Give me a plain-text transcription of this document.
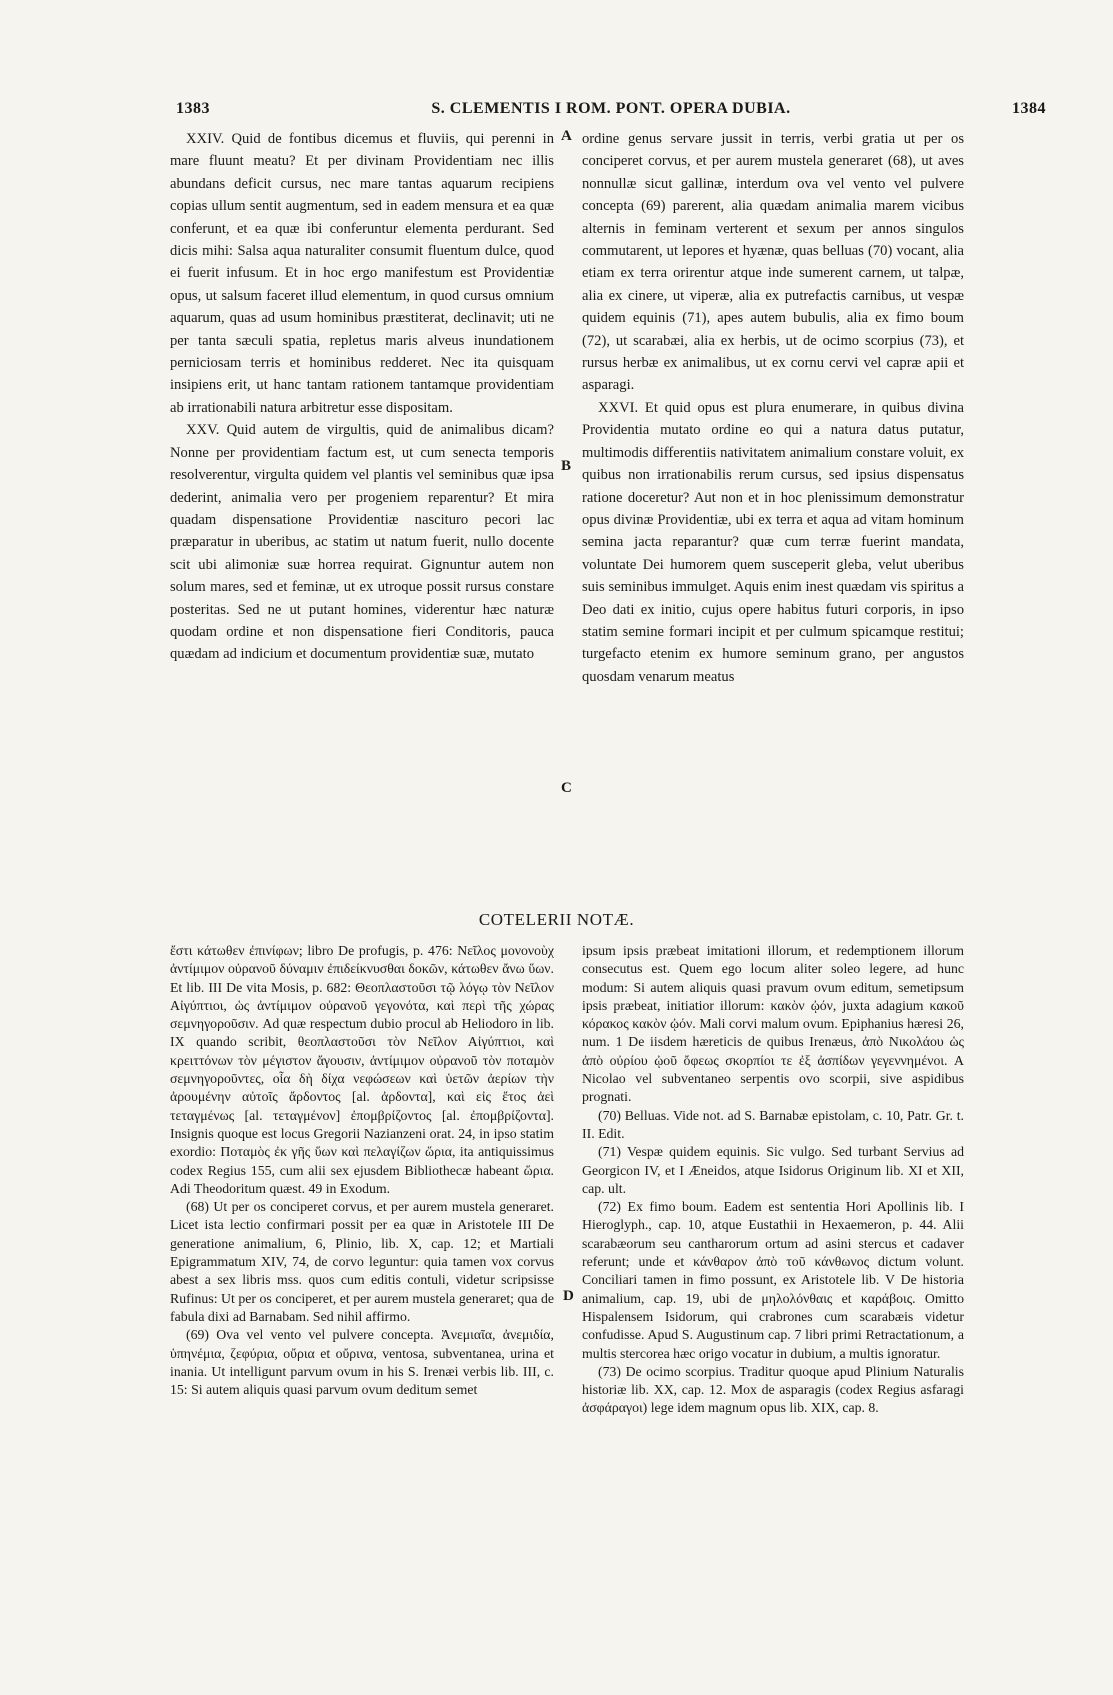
1383	S. CLEMENTIS I ROM. PONT. OPERA DUBIA.	1384

XXIV. Quid de fontibus dicemus et fluviis, qui perenni in mare fluunt meatu? Et per divinam Providentiam nec illis abundans deficit cursus, nec mare tantas aquarum recipiens copias ullum sentit augmentum, sed in eadem mensura et ea quæ conferunt, et ea quæ ibi conferuntur elementa perdurant. Sed dicis mihi: Salsa aqua naturaliter consumit fluentum dulce, quod ei fuerit infusum. Et in hoc ergo manifestum est Providentiæ opus, ut salsum faceret illud elementum, in quod cursus omnium aquarum, quas ad usum hominibus præstiterat, declinavit; uti ne per tanta sæculi spatia, repletus maris alveus inundationem perniciosam terris et hominibus redderet. Nec ita quisquam insipiens erit, ut hanc tantam rationem tantamque providentiam ab irrationabili natura arbitretur esse dispositam.

XXV. Quid autem de virgultis, quid de animalibus dicam? Nonne per providentiam factum est, ut cum senecta temporis resolverentur, virgulta quidem vel plantis vel seminibus quæ ipsa dederint, animalia vero per progeniem reparentur? Et mira quadam dispensatione Providentiæ nascituro pecori lac præparatur in uberibus, ac statim ut natum fuerit, nullo docente scit ubi alimoniæ suæ horrea requirat. Gignuntur autem non solum mares, sed et feminæ, ut ex utroque possit rursus constare posteritas. Sed ne ut putant homines, viderentur hæc naturæ quodam ordine et non dispensatione fieri Conditoris, pauca quædam ad indicium et documentum providentiæ suæ, mutato

ordine genus servare jussit in terris, verbi gratia ut per os conciperet corvus, et per aurem mustela generaret (68), ut aves nonnullæ sicut gallinæ, interdum ova vel vento vel pulvere concepta (69) parerent, alia quædam animalia marem vicibus alternis in feminam verterent et sexum per annos singulos commutarent, ut lepores et hyænæ, quas belluas (70) vocant, alia etiam ex terra orirentur atque inde sumerent carnem, ut talpæ, alia ex cinere, ut viperæ, alia ex putrefactis carnibus, ut vespæ quidem equinis (71), apes autem bubulis, alia ex fimo boum (72), ut scarabæi, alia ex herbis, ut de ocimo scorpius (73), et rursus herbæ ex animalibus, ut ex cornu cervi vel capræ apii et asparagi.

XXVI. Et quid opus est plura enumerare, in quibus divina Providentia mutato ordine eo qui a natura datus putatur, multimodis differentiis nativitatem animalium constare voluit, ex quibus non irrationabilis rerum cursus, sed ipsius dispensatus ratione doceretur? Aut non et in hoc plenissimum demonstratur opus divinæ Providentiæ, ubi ex terra et aqua ad vitam hominum semina jacta reparantur? quæ cum terræ fuerint mandata, voluntate Dei humorem quem susceperit gleba, velut uberibus suis seminibus immulget. Aquis enim inest quædam vis spiritus a Deo dati ex initio, cujus opere habitus futuri corporis, in ipso statim semine formari incipit et per culmum spicamque restitui; turgefacto etenim ex humore seminum grano, per angustos quosdam venarum meatus

A
B
C
COTELERII NOTÆ.

ἔστι κάτωθεν ἐπινίφων; libro De profugis, p. 476: Νεῖλος μονονοὺχ ἀντίμιμον οὐρανοῦ δύναμιν ἐπιδείκνυσθαι δοκῶν, κάτωθεν ἄνω ὕων. Et lib. III De vita Mosis, p. 682: Θεοπλαστοῦσι τῷ λόγῳ τὸν Νεῖλον Αἰγύπτιοι, ὡς ἀντίμιμον οὐρανοῦ γεγονότα, καὶ περὶ τῆς χώρας σεμνηγοροῦσιν. Ad quæ respectum dubio procul ab Heliodoro in lib. IX quando scribit, θεοπλαστοῦσι τὸν Νεῖλον Αἰγύπτιοι, καὶ κρειττόνων τὸν μέγιστον ἄγουσιν, ἀντίμιμον οὐρανοῦ τὸν ποταμὸν σεμνηγοροῦντες, οἷα δὴ δίχα νεφώσεων καὶ ὑετῶν ἀερίων τὴν ἀρουμένην αὐτοῖς ἄρδοντος [al. ἀρδοντα], καὶ εἰς ἔτος ἀεὶ τεταγμένως [al. τεταγμένον] ἐπομβρίζοντος [al. ἐπομβρίζοντα]. Insignis quoque est locus Gregorii Nazianzeni orat. 24, in ipso statim exordio: Ποταμὸς ἐκ γῆς ὕων καὶ πελαγίζων ὥρια, ita antiquissimus codex Regius 155, cum alii sex ejusdem Bibliothecæ habeant ὥρια. Adi Theodoritum quæst. 49 in Exodum.

(68) Ut per os conciperet corvus, et per aurem mustela generaret. Licet ista lectio confirmari possit per ea quæ in Aristotele III De generatione animalium, 6, Plinio, lib. X, cap. 12; et Martiali Epigrammatum XIV, 74, de corvo leguntur: quia tamen vox corvus abest a sex libris mss. quos cum editis contuli, videtur scripsisse Rufinus: Ut per os conciperet, et per aurem mustela generaret; qua de fabula dixi ad Barnabam. Sed nihil affirmo.

(69) Ova vel vento vel pulvere concepta. Ἀνεμιαῖα, ἀνεμιδία, ὑπηνέμια, ζεφύρια, οὔρια et οὔρινα, ventosa, subventanea, urina et inania. Ut intelligunt parvum ovum in his S. Irenæi verbis lib. III, c. 15: Si autem aliquis quasi parvum ovum deditum semet

ipsum ipsis præbeat imitationi illorum, et redemptionem illorum consecutus est. Quem ego locum aliter soleo legere, ad hunc modum: Si autem aliquis quasi pravum ovum editum, semetipsum ipsis præbeat, initiatior illorum: κακὸν ᾠόν, juxta adagium κακοῦ κόρακος κακὸν ᾠόν. Mali corvi malum ovum. Epiphanius hæresi 26, num. 1 De iisdem hæreticis de quibus Irenæus, ἀπὸ Νικολάου ὡς ἀπὸ οὐρίου ᾠοῦ ὄφεως σκορπίοι τε ἐξ ἀσπίδων γεγεννημένοι. A Nicolao vel subventaneo serpentis ovo scorpii, sive aspidibus prognati.

(70) Belluas. Vide not. ad S. Barnabæ epistolam, c. 10, Patr. Gr. t. II. Edit.

(71) Vespæ quidem equinis. Sic vulgo. Sed turbant Servius ad Georgicon IV, et I Æneidos, atque Isidorus Originum lib. XI et XII, cap. ult.

(72) Ex fimo boum. Eadem est sententia Hori Apollinis lib. I Hieroglyph., cap. 10, atque Eustathii in Hexaemeron, p. 44. Alii scarabæorum seu cantharorum ortum ad asini stercus et cadaver referunt; unde et κάνθαρον ἀπὸ τοῦ κάνθωνος dictum volunt. Conciliari tamen in fimo possunt, ex Aristotele lib. V De historia animalium, cap. 19, ubi de μηλολόνθαις et καράβοις. Omitto Hispalensem Isidorum, qui crabrones cum scarabæis videtur confudisse. Apud S. Augustinum cap. 7 libri primi Retractationum, a multis stercorea hæc origo vocatur in dubium, a multis ignoratur.

(73) De ocimo scorpius. Traditur quoque apud Plinium Naturalis historiæ lib. XX, cap. 12. Mox de asparagis (codex Regius asfaragi ἀσφάραγοι) lege idem magnum opus lib. XIX, cap. 8.

D
